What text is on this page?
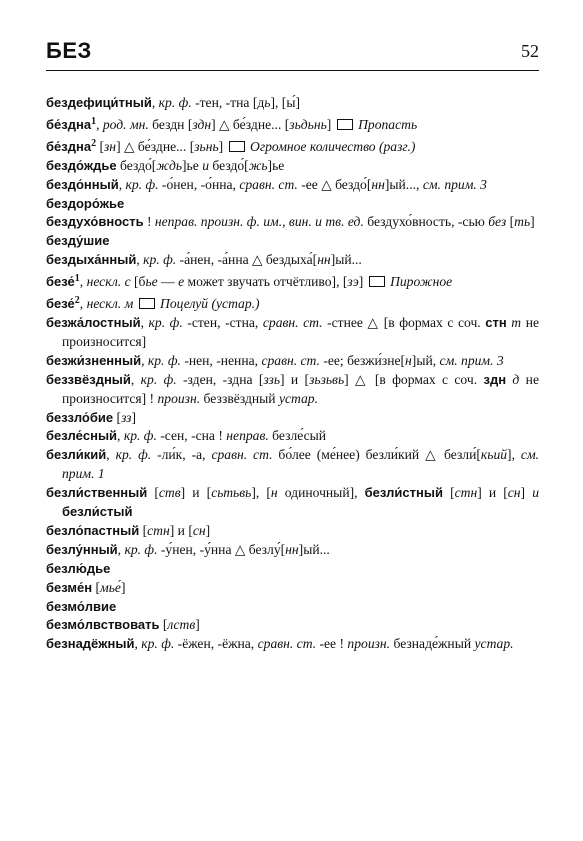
БЕЗ	52
бездефици́тный, кр. ф. -тен, -тна [дь], [ы́]
бе́здна$^1$, род. мн. бездн [здн] △ бе́здне... [зьдьнь]  Пропасть
бе́здна$^2$ [зн] △ бе́здне... [зьнь]  Огромное количество (разг.)
бездо́ждье бездо́[ждь]ье и бездо́[жь]ье
бездо́нный, кр. ф. -о́нен, -о́нна, сравн. ст. -ее △ бездо́[нн]ый..., см. прим. 3
бездоро́жье
бездухо́вность ! неправ. произн. ф. им., вин. и тв. ед. бездухо́вность, -сью без [ть]
безду́шие
бездыха́нный, кр. ф. -а́нен, -а́нна △ бездыха́[нн]ый...
безе́$^1$, нескл. с [бье — е может звучать отчётливо], [зэ]  Пирожное
безе́$^2$, нескл. м  Поцелуй (устар.)
безжа́лостный, кр. ф. -стен, -стна, сравн. ст. -стнее △ [в формах с соч. стн т не произносится]
безжи́зненный, кр. ф. -нен, -ненна, сравн. ст. -ее; безжи́зне[н]ый, см. прим. 3
беззвёздный, кр. ф. -зден, -здна [ззь] и [зьзьвь] △ [в формах с соч. здн д не произносится] ! произн. беззвёздный устар.
беззло́бие [зз]
безле́сный, кр. ф. -сен, -сна ! неправ. безле́сый
безли́кий, кр. ф. -ли́к, -а, сравн. ст. бо́лее (ме́нее) безли́кий △ безли́[кьий], см. прим. 1
безли́ственный [ств] и [сьтьвь], [н одиночный], безли́стный [стн] и [сн] и безли́стый
безло́пастный [стн] и [сн]
безлу́нный, кр. ф. -у́нен, -у́нна △ безлу́[нн]ый...
безлю́дье
безме́н [мье́]
безмо́лвие
безмо́лвствовать [лств]
безнадёжный, кр. ф. -ёжен, -ёжна, сравн. ст. -ее ! произн. безнаде́жный устар.
